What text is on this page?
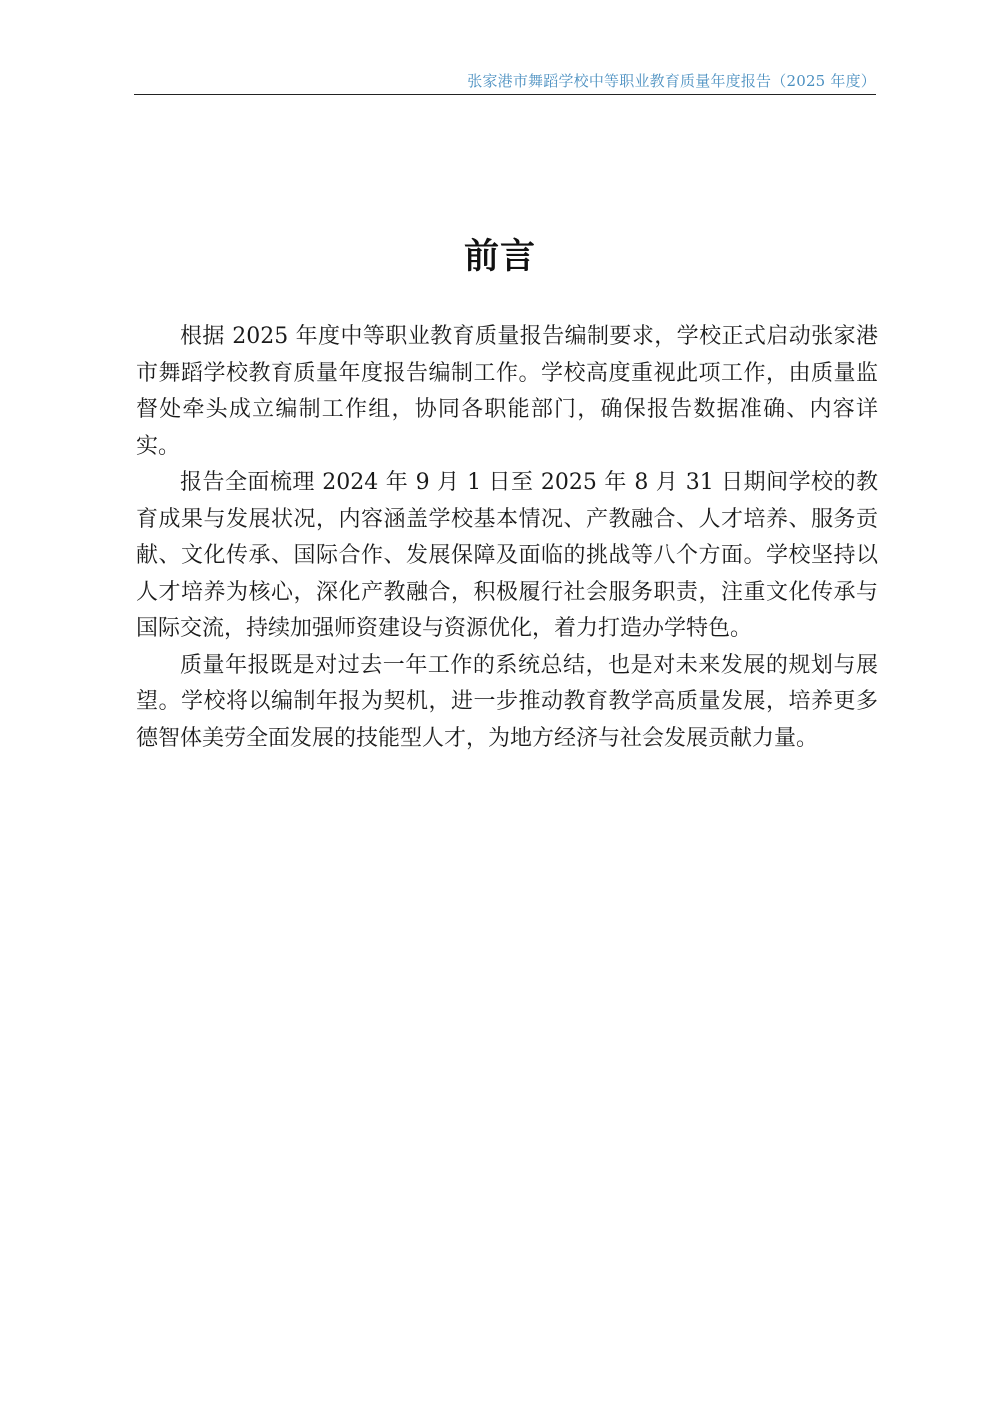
张家港市舞蹈学校中等职业教育质量年度报告（2025 年度）
前言

根据 2025 年度中等职业教育质量报告编制要求，学校正式启动张家港市舞蹈学校教育质量年度报告编制工作。学校高度重视此项工作，由质量监督处牵头成立编制工作组，协同各职能部门，确保报告数据准确、内容详实。

报告全面梳理 2024 年 9 月 1 日至 2025 年 8 月 31 日期间学校的教育成果与发展状况，内容涵盖学校基本情况、产教融合、人才培养、服务贡献、文化传承、国际合作、发展保障及面临的挑战等八个方面。学校坚持以人才培养为核心，深化产教融合，积极履行社会服务职责，注重文化传承与国际交流，持续加强师资建设与资源优化，着力打造办学特色。

质量年报既是对过去一年工作的系统总结，也是对未来发展的规划与展望。学校将以编制年报为契机，进一步推动教育教学高质量发展，培养更多德智体美劳全面发展的技能型人才，为地方经济与社会发展贡献力量。
